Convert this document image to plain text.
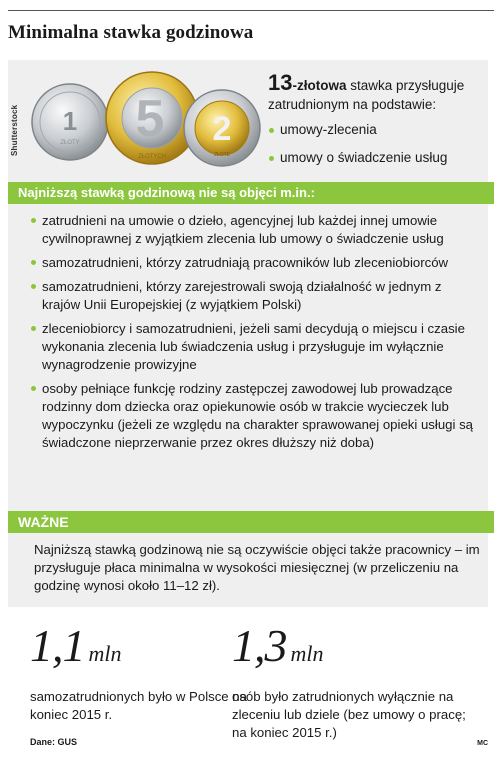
Minimalna stawka godzinowa
Shutterstock 1
ZŁOTY 5
ZŁOTYCH
2
ZŁOTE
13-złotowa stawka przysługuje zatrudnionym na podstawie:
umowy-zlecenia
umowy o świadczenie usług
Najniższą stawką godzinową nie są objęci m.in.:
zatrudnieni na umowie o dzieło, agencyjnej lub każdej innej umowie cywilnoprawnej z wyjątkiem zlecenia lub umowy o świadczenie usług
samozatrudnieni, którzy zatrudniają pracowników lub zleceniobiorców
samozatrudnieni, którzy zarejestrowali swoją działalność w jednym z krajów Unii Europejskiej (z wyjątkiem Polski)
zleceniobiorcy i samozatrudnieni, jeżeli sami decydują o miejscu i czasie wykonania zlecenia lub świadczenia usług i przysługuje im wyłącznie wynagrodzenie prowizyjne
osoby pełniące funkcję rodziny zastępczej zawodowej lub prowadzące rodzinny dom dziecka oraz opiekunowie osób w trakcie wycieczek lub wypoczynku (jeżeli ze względu na charakter sprawowanej opieki usługi są świadczone nieprzerwanie przez okres dłuższy niż doba)
WAŻNE
Najniższą stawką godzinową nie są oczywiście objęci także pracownicy – im przysługuje płaca minimalna w wysokości miesięcznej (w przeliczeniu na godzinę wynosi około 11–12 zł).
1,1 mln
samozatrudnionych było w Polsce na koniec 2015 r.
1,3 mln
osób było zatrudnionych wyłącznie na zleceniu lub dziele (bez umowy o pracę; na koniec 2015 r.)
Dane: GUS	MC
